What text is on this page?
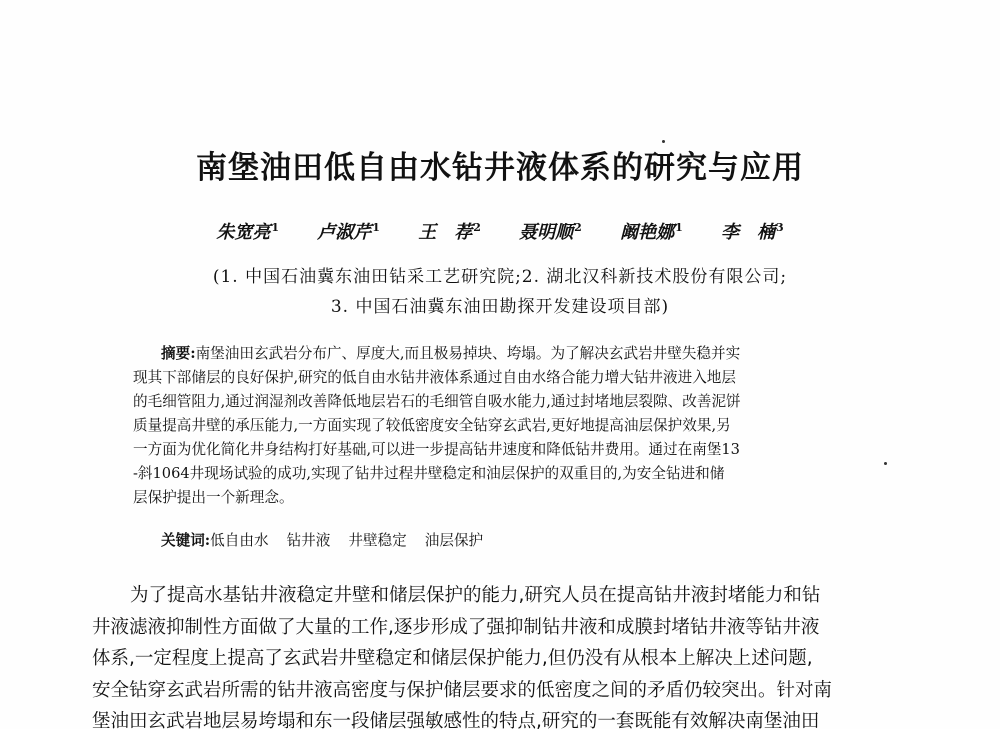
南堡油田低自由水钻井液体系的研究与应用
朱宽亮$^1$ 卢淑芹$^1$ 王　荐$^2$ 聂明顺$^2$ 阚艳娜$^1$ 李　楠$^3$
(1. 中国石油冀东油田钻采工艺研究院;2. 湖北汉科新技术股份有限公司;
3. 中国石油冀东油田勘探开发建设项目部)
摘要:南堡油田玄武岩分布广、厚度大,而且极易掉块、垮塌。为了解决玄武岩井壁失稳并实
现其下部储层的良好保护,研究的低自由水钻井液体系通过自由水络合能力增大钻井液进入地层
的毛细管阻力,通过润湿剂改善降低地层岩石的毛细管自吸水能力,通过封堵地层裂隙、改善泥饼
质量提高井壁的承压能力,一方面实现了较低密度安全钻穿玄武岩,更好地提高油层保护效果,另
一方面为优化简化井身结构打好基础,可以进一步提高钻井速度和降低钻井费用。通过在南堡13
-斜1064井现场试验的成功,实现了钻井过程井壁稳定和油层保护的双重目的,为安全钻进和储
层保护提出一个新理念。
关键词:低自由水 钻井液 井壁稳定 油层保护
为了提高水基钻井液稳定井壁和储层保护的能力,研究人员在提高钻井液封堵能力和钻
井液滤液抑制性方面做了大量的工作,逐步形成了强抑制钻井液和成膜封堵钻井液等钻井液
体系,一定程度上提高了玄武岩井壁稳定和储层保护能力,但仍没有从根本上解决上述问题,
安全钻穿玄武岩所需的钻井液高密度与保护储层要求的低密度之间的矛盾仍较突出。针对南
堡油田玄武岩地层易垮塌和东一段储层强敏感性的特点,研究的一套既能有效解决南堡油田
